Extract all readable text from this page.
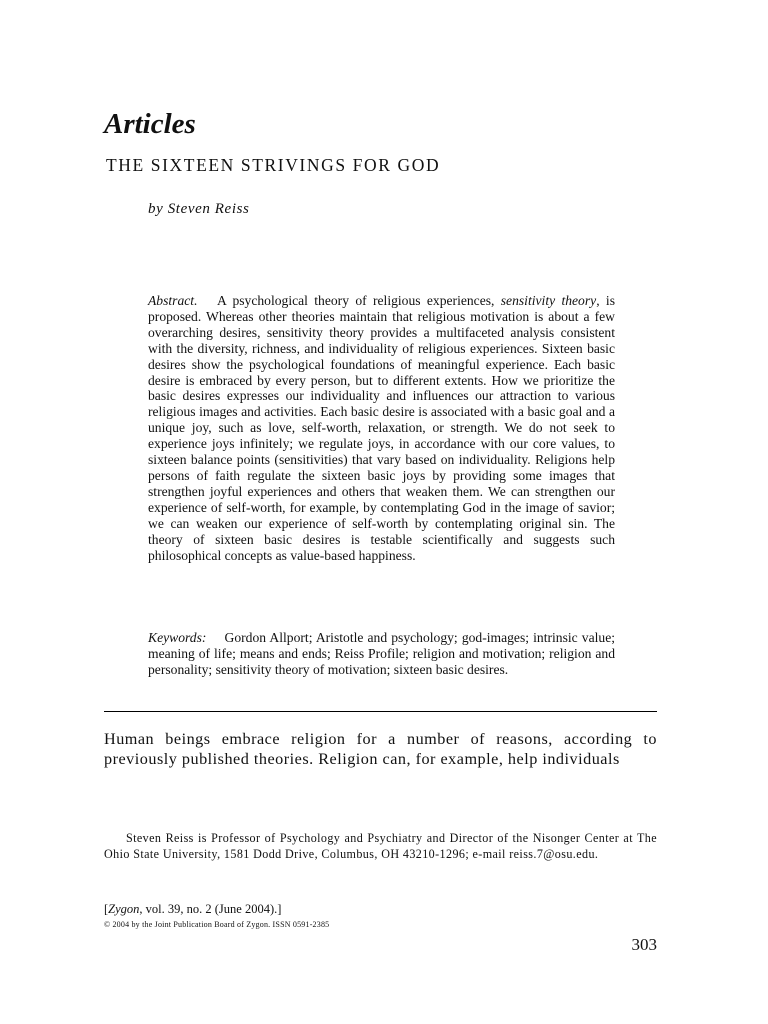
Articles
THE SIXTEEN STRIVINGS FOR GOD
by Steven Reiss
Abstract. A psychological theory of religious experiences, sensitivity theory, is proposed. Whereas other theories maintain that religious motivation is about a few overarching desires, sensitivity theory provides a multifaceted analysis consistent with the diversity, richness, and individuality of religious experiences. Sixteen basic desires show the psychological foundations of meaningful experience. Each basic desire is embraced by every person, but to different extents. How we prioritize the basic desires expresses our individuality and influences our attraction to various religious images and activities. Each basic desire is associated with a basic goal and a unique joy, such as love, self-worth, relaxation, or strength. We do not seek to experience joys infinitely; we regulate joys, in accordance with our core values, to sixteen balance points (sensitivities) that vary based on individuality. Religions help persons of faith regulate the sixteen basic joys by providing some images that strengthen joyful experiences and others that weaken them. We can strengthen our experience of self-worth, for example, by contemplating God in the image of savior; we can weaken our experience of self-worth by contemplating original sin. The theory of sixteen basic desires is testable scientifically and suggests such philosophical concepts as value-based happiness.
Keywords: Gordon Allport; Aristotle and psychology; god-images; intrinsic value; meaning of life; means and ends; Reiss Profile; religion and motivation; religion and personality; sensitivity theory of motivation; sixteen basic desires.

Human beings embrace religion for a number of reasons, according to previously published theories. Religion can, for example, help individuals

Steven Reiss is Professor of Psychology and Psychiatry and Director of the Nisonger Center at The Ohio State University, 1581 Dodd Drive, Columbus, OH 43210-1296; e-mail reiss.7@osu.edu.

[Zygon, vol. 39, no. 2 (June 2004).]
© 2004 by the Joint Publication Board of Zygon. ISSN 0591-2385
303
